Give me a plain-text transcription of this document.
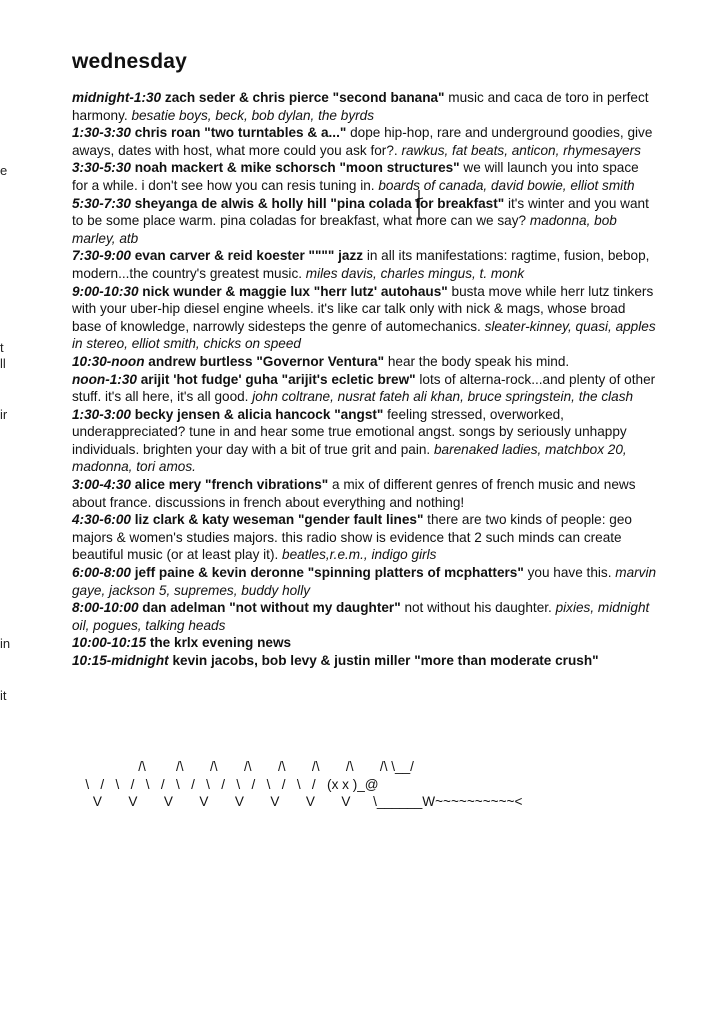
e
t
ll
ir
in
it
wednesday

midnight-1:30 zach seder & chris pierce "second banana" music and caca de toro in perfect harmony. besatie boys, beck, bob dylan, the byrds

1:30-3:30 chris roan "two turntables & a..." dope hip-hop, rare and underground goodies, give aways, dates with host, what more could you ask for?. rawkus, fat beats, anticon, rhymesayers

3:30-5:30 noah mackert & mike schorsch "moon structures" we will launch you into space for a while. i don't see how you can resis tuning in. boards of canada, david bowie, elliot smith

5:30-7:30 sheyanga de alwis & holly hill "pina colada for breakfast" it's winter and you want to be some place warm. pina coladas for breakfast, what more can we say? madonna, bob marley, atb

7:30-9:00 evan carver & reid koester """" jazz in all its manifestations: ragtime, fusion, bebop, modern...the country's greatest music. miles davis, charles mingus, t. monk

9:00-10:30 nick wunder & maggie lux "herr lutz' autohaus" busta move while herr lutz tinkers with your uber-hip diesel engine wheels. it's like car talk only with nick & mags, whose broad base of knowledge, narrowly sidesteps the genre of automechanics. sleater-kinney, quasi, apples in stereo, elliot smith, chicks on speed

10:30-noon andrew burtless "Governor Ventura" hear the body speak his mind.

noon-1:30 arijit 'hot fudge' guha "arijit's ecletic brew" lots of alterna-rock...and plenty of other stuff. it's all here, it's all good. john coltrane, nusrat fateh ali khan, bruce springstein, the clash

1:30-3:00 becky jensen & alicia hancock "angst" feeling stressed, overworked, underappreciated? tune in and hear some true emotional angst. songs by seriously unhappy individuals. brighten your day with a bit of true grit and pain. barenaked ladies, matchbox 20, madonna, tori amos.

3:00-4:30 alice mery "french vibrations" a mix of different genres of french music and news about france. discussions in french about everything and nothing!

4:30-6:00 liz clark & katy weseman "gender fault lines" there are two kinds of people: geo majors & women's studies majors. this radio show is evidence that 2 such minds can create beautiful music (or at least play it). beatles,r.e.m., indigo girls

6:00-8:00 jeff paine & kevin deronne "spinning platters of mcphatters" you have this. marvin gaye, jackson 5, supremes, buddy holly

8:00-10:00 dan adelman "not without my daughter" not without his daughter. pixies, midnight oil, pogues, talking heads

10:00-10:15 the krlx evening news

10:15-midnight kevin jacobs, bob levy & justin miller "more than moderate crush"

/\        /\       /\       /\       /\       /\       /\       /\ \__/
\   /   \   /   \   /   \   /   \   /   \   /   \   /   \   /   (x x )_@
V       V       V       V       V       V       V       V      \______W~~~~~~~~~~<
